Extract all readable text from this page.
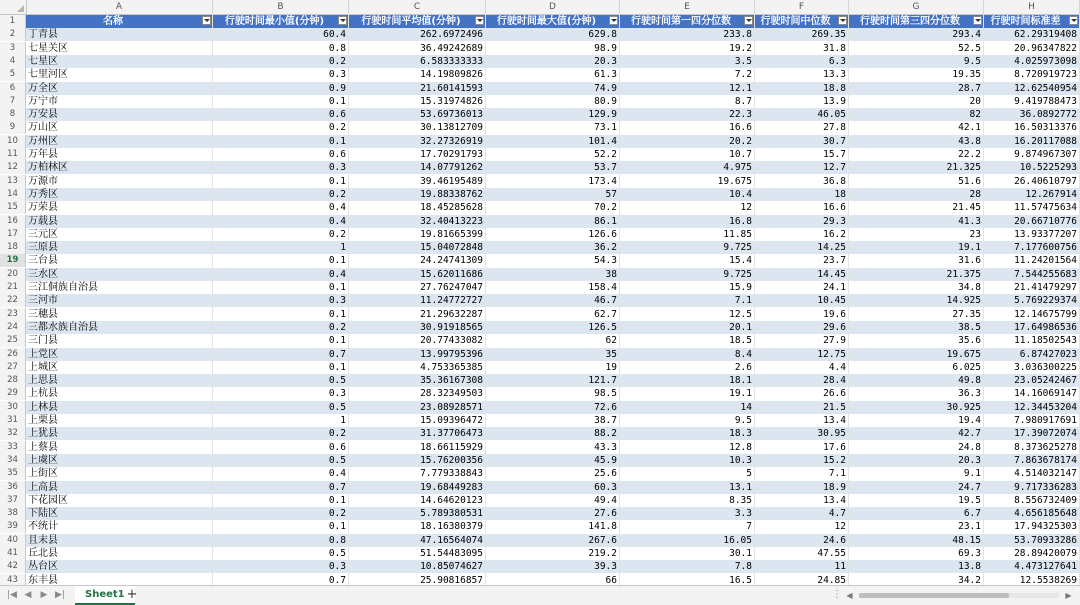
A	B	C	D	E	F	G	H
1	名称	行驶时间最小值(分钟)	行驶时间平均值(分钟)	行驶时间最大值(分钟)	行驶时间第一四分位数	行驶时间中位数	行驶时间第三四分位数	行驶时间标准差
2	丁青县	60.4	262.6972496	629.8	233.8	269.35	293.4	62.29319408
3	七星关区	0.8	36.49242689	98.9	19.2	31.8	52.5	20.96347822
4	七星区	0.2	6.583333333	20.3	3.5	6.3	9.5	4.025973098
5	七里河区	0.3	14.19809826	61.3	7.2	13.3	19.35	8.720919723
6	万全区	0.9	21.60141593	74.9	12.1	18.8	28.7	12.62540954
7	万宁市	0.1	15.31974826	80.9	8.7	13.9	20	9.419788473
8	万安县	0.6	53.69736013	129.9	22.3	46.05	82	36.0892772
9	万山区	0.2	30.13812709	73.1	16.6	27.8	42.1	16.50313376
10	万州区	0.1	32.27326919	101.4	20.2	30.7	43.8	16.20117088
11	万年县	0.6	17.70291793	52.2	10.7	15.7	22.2	9.874967307
12	万柏林区	0.3	14.07791262	53.7	4.975	12.7	21.325	10.5225293
13	万源市	0.1	39.46195489	173.4	19.675	36.8	51.6	26.40610797
14	万秀区	0.2	19.88338762	57	10.4	18	28	12.267914
15	万荣县	0.4	18.45285628	70.2	12	16.6	21.45	11.57475634
16	万载县	0.4	32.40413223	86.1	16.8	29.3	41.3	20.66710776
17	三元区	0.2	19.81665399	126.6	11.85	16.2	23	13.93377207
18	三原县	1	15.04072848	36.2	9.725	14.25	19.1	7.177600756
19 三台县	0.1	24.24741309	54.3	15.4	23.7	31.6	11.24201564
20	三水区	0.4	15.62011686	38	9.725	14.45	21.375	7.544255683
21	三江侗族自治县	0.1	27.76247047	158.4	15.9	24.1	34.8	21.41479297
22	三河市	0.3	11.24772727	46.7	7.1	10.45	14.925	5.769229374
23	三穗县	0.1	21.29632287	62.7	12.5	19.6	27.35	12.14675799
24	三都水族自治县	0.2	30.91918565	126.5	20.1	29.6	38.5	17.64986536
25	三门县	0.1	20.77433082	62	18.5	27.9	35.6	11.18502543
26	上党区	0.7	13.99795396	35	8.4	12.75	19.675	6.87427023
27	上城区	0.1	4.753365385	19	2.6	4.4	6.025	3.036300225
28	上思县	0.5	35.36167308	121.7	18.1	28.4	49.8	23.05242467
29	上杭县	0.3	28.32349503	98.5	19.1	26.6	36.3	14.16069147
30	上林县	0.5	23.08928571	72.6	14	21.5	30.925	12.34453204
31	上栗县	1	15.09396472	38.7	9.5	13.4	19.4	7.980917691
32	上犹县	0.2	31.37706473	88.2	18.3	30.95	42.7	17.39072074
33	上蔡县	0.6	18.66115929	43.3	12.8	17.6	24.8	8.373625278
34	上虞区	0.5	15.76200356	45.9	10.3	15.2	20.3	7.863678174
35	上街区	0.4	7.779338843	25.6	5	7.1	9.1	4.514032147
36	上高县	0.7	19.68449283	60.3	13.1	18.9	24.7	9.717336283
37	下花园区	0.1	14.64620123	49.4	8.35	13.4	19.5	8.556732409
38	下陆区	0.2	5.789380531	27.6	3.3	4.7	6.7	4.656185648
39	不统计	0.1	18.16380379	141.8	7	12	23.1	17.94325303
40	且末县	0.8	47.16564074	267.6	16.05	24.6	48.15	53.70933286
41	丘北县	0.5	51.54483095	219.2	30.1	47.55	69.3	28.89420079
42	丛台区	0.3	10.85074627	39.3	7.8	11	13.8	4.473127641
43	东丰县	0.7	25.90816857	66	16.5	24.85	34.2	12.5538269
|◀ ◀ ▶ ▶|	Sheet1 +	⋮ ◀	▶
